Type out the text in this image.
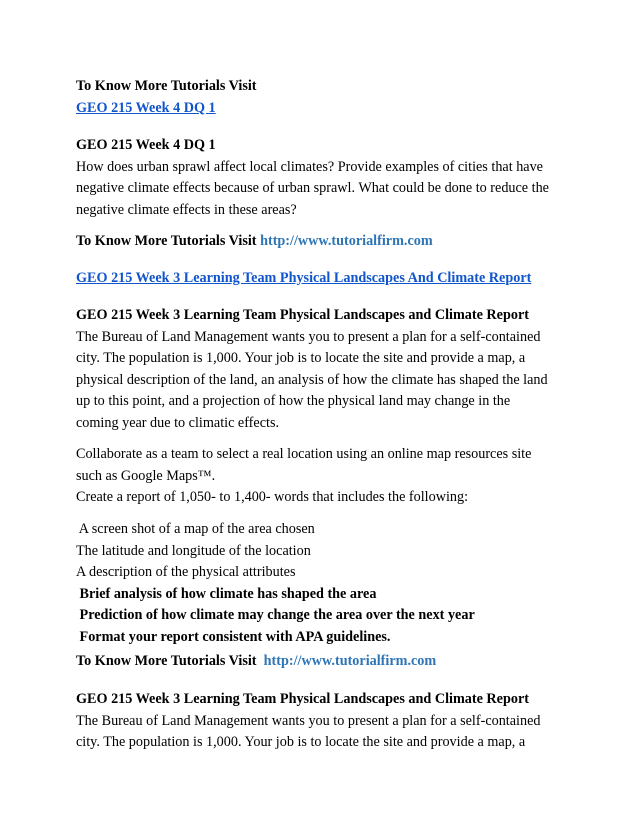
To Know More Tutorials Visit
GEO 215 Week 4 DQ 1
GEO 215 Week 4 DQ 1
How does urban sprawl affect local climates? Provide examples of cities that have
negative climate effects because of urban sprawl. What could be done to reduce the
negative climate effects in these areas?
To Know More Tutorials Visit http://www.tutorialfirm.com
GEO 215 Week 3 Learning Team Physical Landscapes And Climate Report
GEO 215 Week 3 Learning Team Physical Landscapes and Climate Report
The Bureau of Land Management wants you to present a plan for a self-contained
city. The population is 1,000. Your job is to locate the site and provide a map, a
physical description of the land, an analysis of how the climate has shaped the land
up to this point, and a projection of how the physical land may change in the
coming year due to climatic effects.
Collaborate as a team to select a real location using an online map resources site
such as Google Maps™.
Create a report of 1,050- to 1,400- words that includes the following:
A screen shot of a map of the area chosen
The latitude and longitude of the location
A description of the physical attributes
Brief analysis of how climate has shaped the area
Prediction of how climate may change the area over the next year
Format your report consistent with APA guidelines.
To Know More Tutorials Visit http://www.tutorialfirm.com
GEO 215 Week 3 Learning Team Physical Landscapes and Climate Report
The Bureau of Land Management wants you to present a plan for a self-contained
city. The population is 1,000. Your job is to locate the site and provide a map, a
